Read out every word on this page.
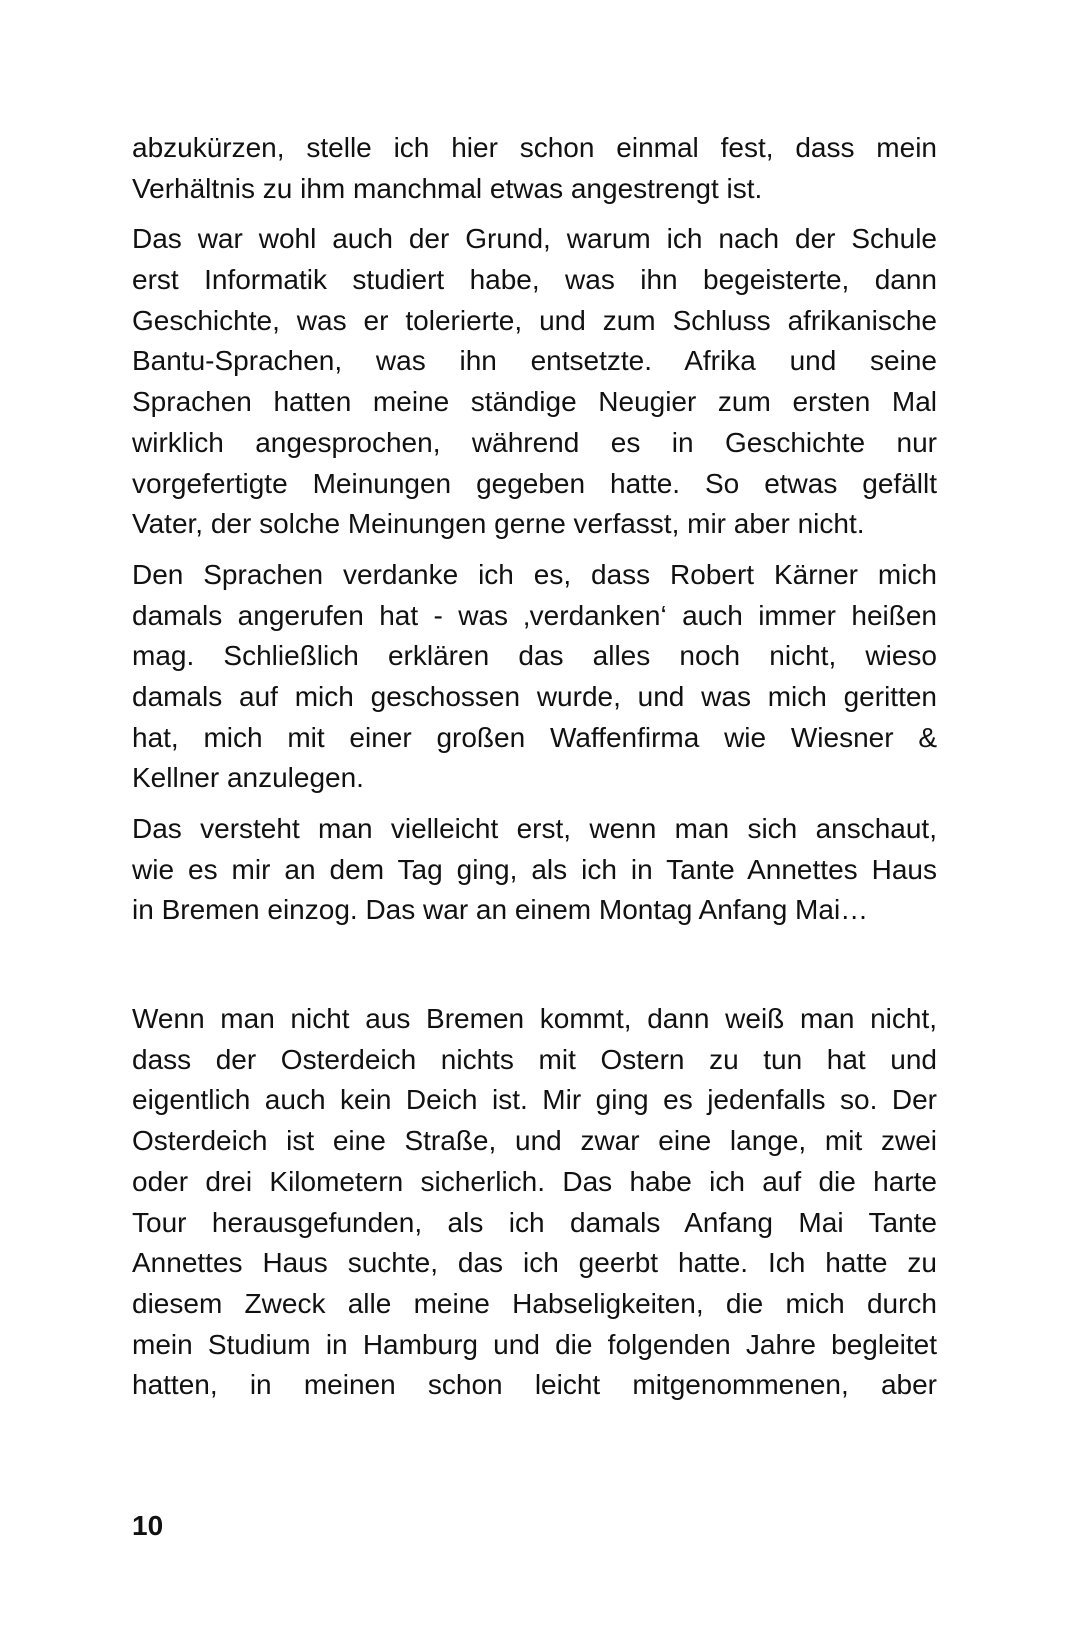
abzukürzen, stelle ich hier schon einmal fest, dass mein
Verhältnis zu ihm manchmal etwas angestrengt ist.
Das war wohl auch der Grund, warum ich nach der Schule
erst Informatik studiert habe, was ihn begeisterte, dann
Geschichte, was er tolerierte, und zum Schluss afrikanische
Bantu-Sprachen, was ihn entsetzte. Afrika und seine
Sprachen hatten meine ständige Neugier zum ersten Mal
wirklich angesprochen, während es in Geschichte nur
vorgefertigte Meinungen gegeben hatte. So etwas gefällt
Vater, der solche Meinungen gerne verfasst, mir aber nicht.
Den Sprachen verdanke ich es, dass Robert Kärner mich
damals angerufen hat - was ‚verdanken‘ auch immer heißen
mag. Schließlich erklären das alles noch nicht, wieso
damals auf mich geschossen wurde, und was mich geritten
hat, mich mit einer großen Waffenfirma wie Wiesner &
Kellner anzulegen.
Das versteht man vielleicht erst, wenn man sich anschaut,
wie es mir an dem Tag ging, als ich in Tante Annettes Haus
in Bremen einzog. Das war an einem Montag Anfang Mai…
Wenn man nicht aus Bremen kommt, dann weiß man nicht,
dass der Osterdeich nichts mit Ostern zu tun hat und
eigentlich auch kein Deich ist. Mir ging es jedenfalls so. Der
Osterdeich ist eine Straße, und zwar eine lange, mit zwei
oder drei Kilometern sicherlich. Das habe ich auf die harte
Tour herausgefunden, als ich damals Anfang Mai Tante
Annettes Haus suchte, das ich geerbt hatte. Ich hatte zu
diesem Zweck alle meine Habseligkeiten, die mich durch
mein Studium in Hamburg und die folgenden Jahre begleitet
hatten, in meinen schon leicht mitgenommenen, aber
10
